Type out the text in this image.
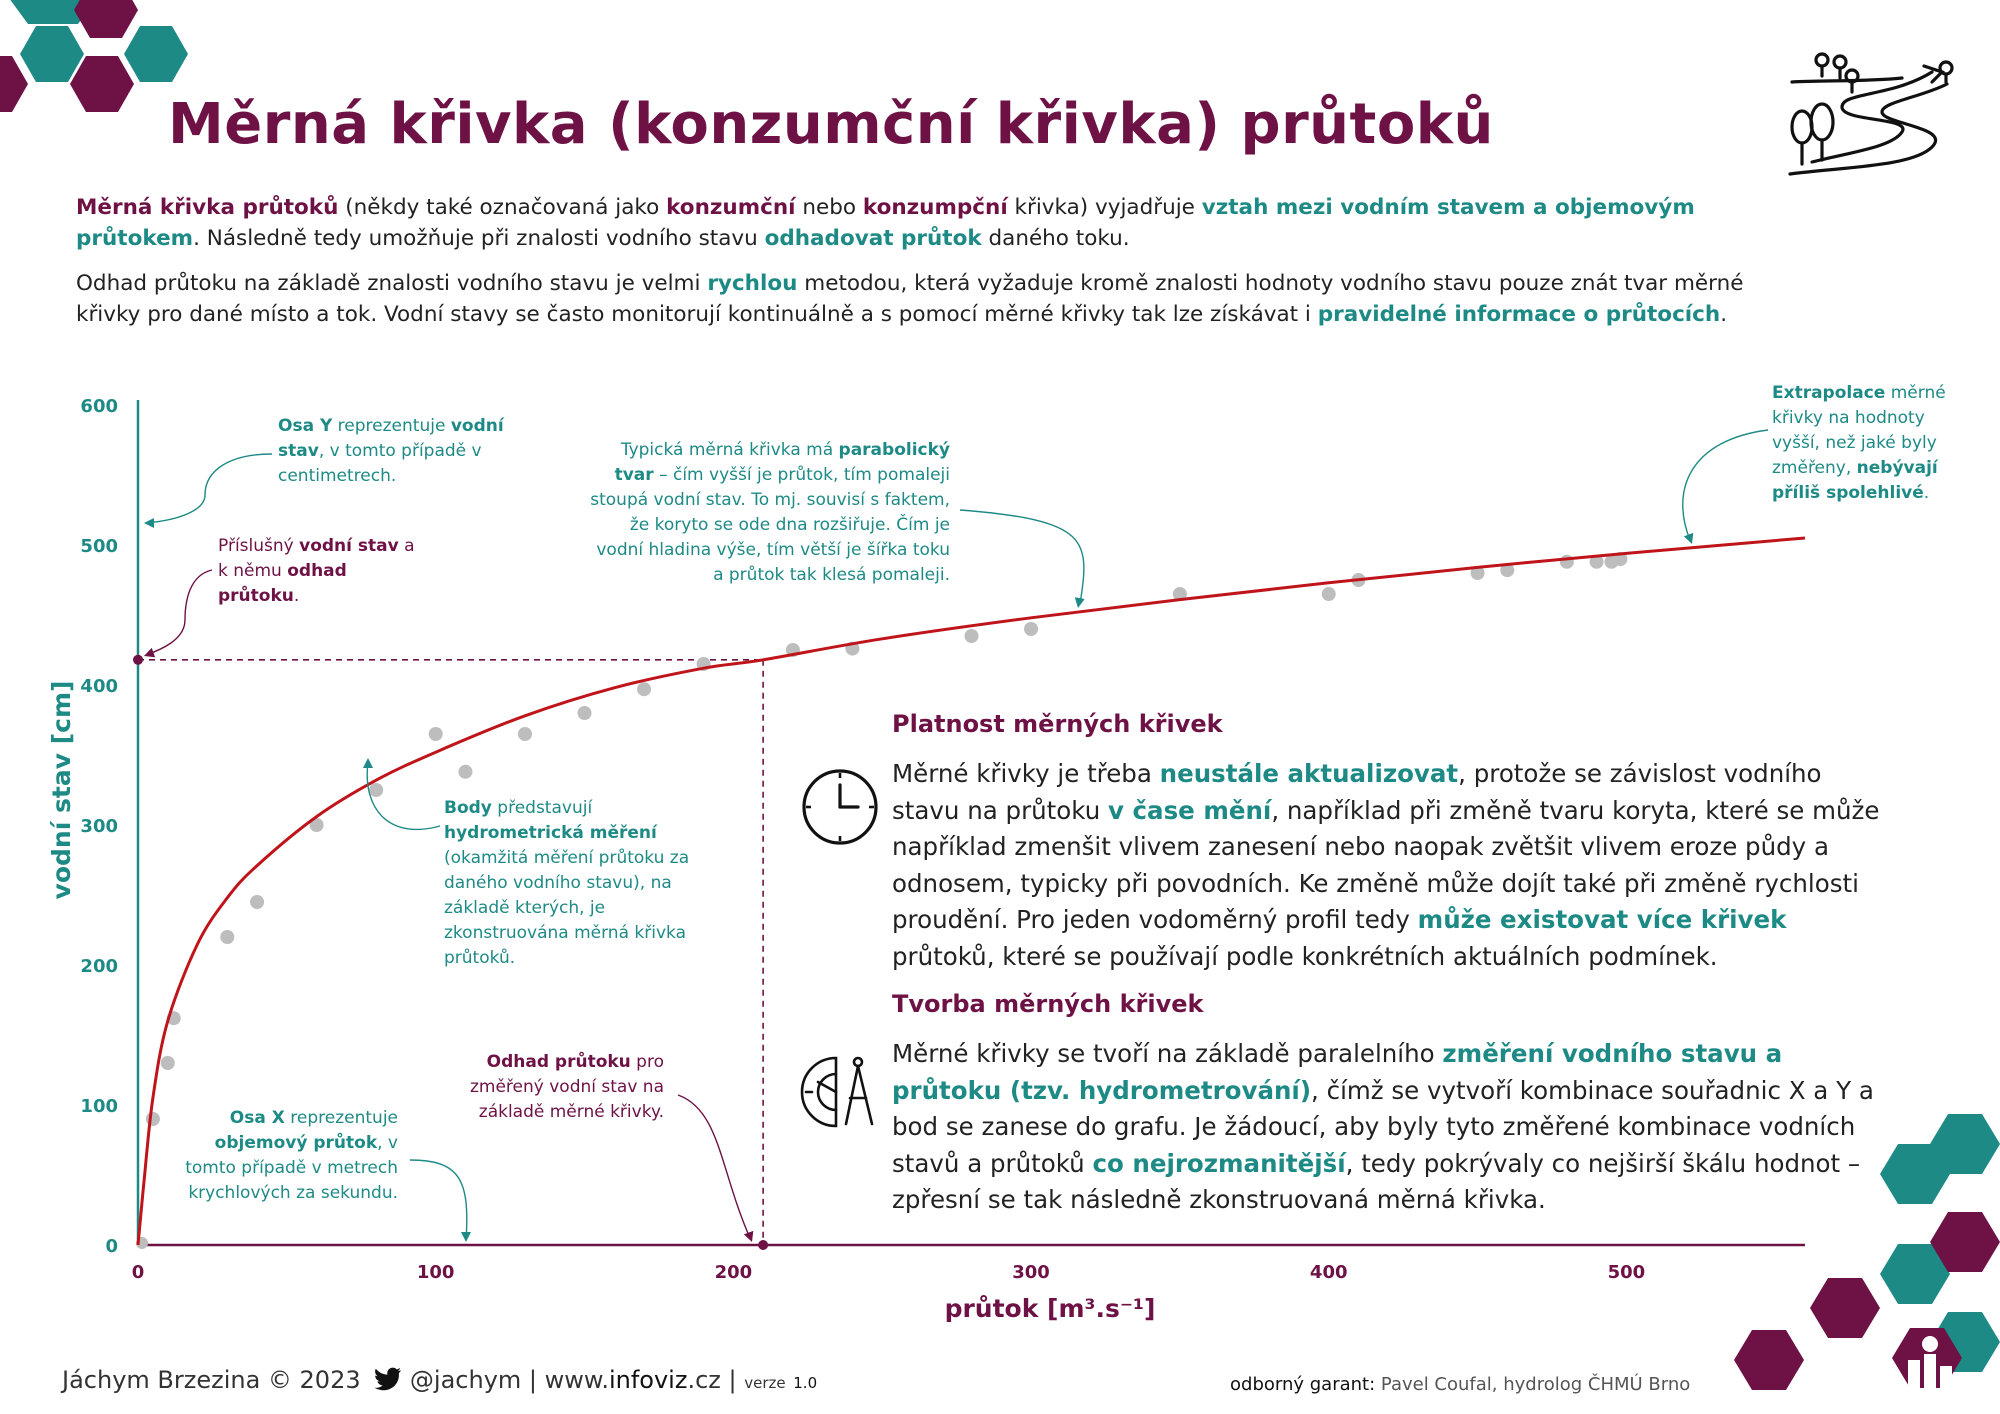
Měrná křivka (konzumční křivka) průtoků
Měrná křivka průtoků (někdy také označovaná jako konzumční nebo konzumpční křivka) vyjadřuje vztah mezi vodním stavem a objemovým průtokem. Následně tedy umožňuje při znalosti vodního stavu odhadovat průtok daného toku.
Odhad průtoku na základě znalosti vodního stavu je velmi rychlou metodou, která vyžaduje kromě znalosti hodnoty vodního stavu pouze znát tvar měrné křivky pro dané místo a tok. Vodní stavy se často monitorují kontinuálně a s pomocí měrné křivky tak lze získávat i pravidelné informace o průtocích.
0
100
200
300
400
500
600
0	100	200	300	400	500
vodní stav [cm]
průtok [m³.s⁻¹]
Osa Y reprezentuje vodní stav, v tomto případě v centimetrech.
Příslušný vodní stav a k němu odhad průtoku.
Typická měrná křivka má parabolický tvar – čím vyšší je průtok, tím pomaleji stoupá vodní stav. To mj. souvisí s faktem, že koryto se ode dna rozšiřuje. Čím je vodní hladina výše, tím větší je šířka toku a průtok tak klesá pomaleji.
Extrapolace měrné křivky na hodnoty vyšší, než jaké byly změřeny, nebývají příliš spolehlivé.
Body představují hydrometrická měření (okamžitá měření průtoku za daného vodního stavu), na základě kterých, je zkonstruována měrná křivka průtoků.
Odhad průtoku pro změřený vodní stav na základě měrné křivky.
Osa X reprezentuje objemový průtok, v tomto případě v metrech krychlových za sekundu.
Platnost měrných křivek
Měrné křivky je třeba neustále aktualizovat, protože se závislost vodního stavu na průtoku v čase mění, například při změně tvaru koryta, které se může například zmenšit vlivem zanesení nebo naopak zvětšit vlivem eroze půdy a odnosem, typicky při povodních. Ke změně může dojít také při změně rychlosti proudění. Pro jeden vodoměrný profil tedy může existovat více křivek průtoků, které se používají podle konkrétních aktuálních podmínek.
Tvorba měrných křivek
Měrné křivky se tvoří na základě paralelního změření vodního stavu a průtoku (tzv. hydrometrování), čímž se vytvoří kombinace souřadnic X a Y a bod se zanese do grafu. Je žádoucí, aby byly tyto změřené kombinace vodních stavů a průtoků co nejrozmanitější, tedy pokrývaly co nejširší škálu hodnot – zpřesní se tak následně zkonstruovaná měrná křivka.
Jáchym Brzezina © 2023 @jachym | www.infoviz.cz | verze 1.0	odborný garant: Pavel Coufal, hydrolog ČHMÚ Brno
